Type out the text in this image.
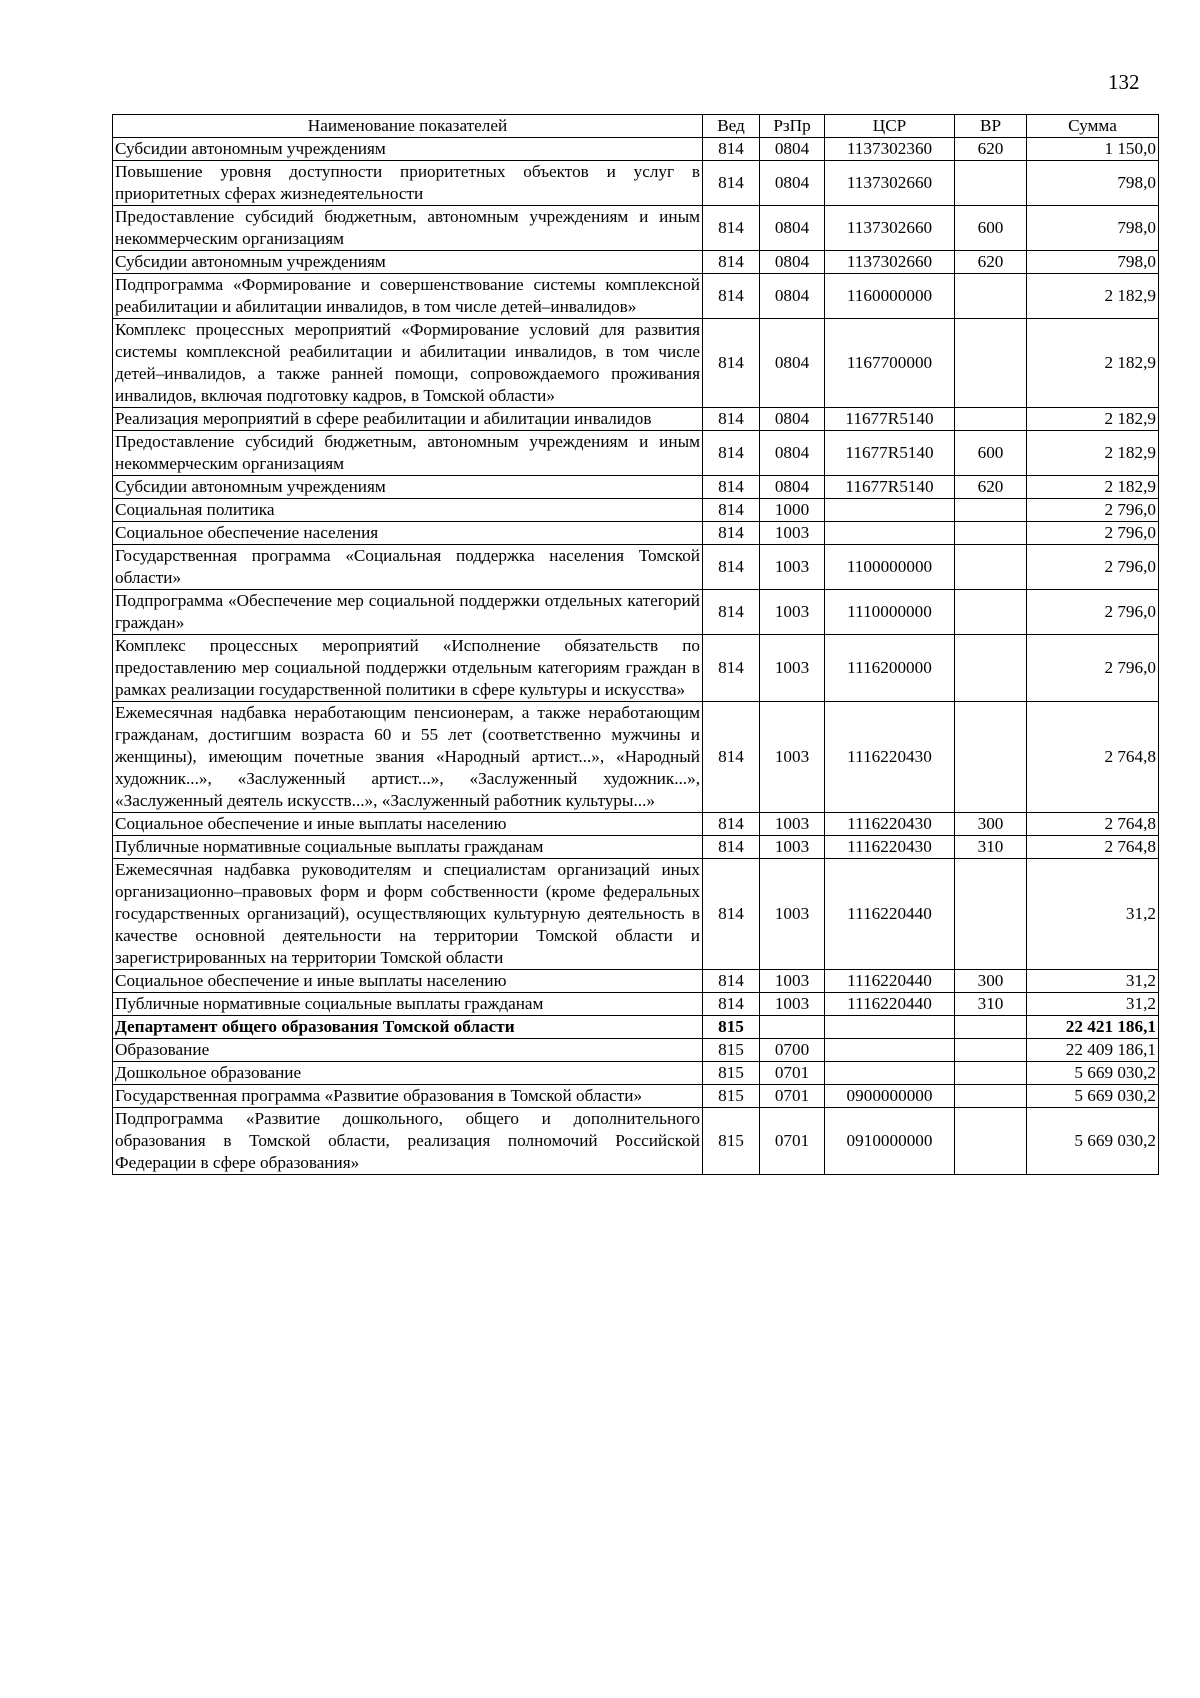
132
Наименование показателей	Вед	РзПр	ЦСР	ВР	Сумма
Субсидии автономным учреждениям	814	0804	1137302360	620	1 150,0
Повышение уровня доступности приоритетных объектов и услуг в приоритетных сферах жизнедеятельности	814	0804	1137302660		798,0
Предоставление субсидий бюджетным, автономным учреждениям и иным некоммерческим организациям	814	0804	1137302660	600	798,0
Субсидии автономным учреждениям	814	0804	1137302660	620	798,0
Подпрограмма «Формирование и совершенствование системы комплексной реабилитации и абилитации инвалидов, в том числе детей–инвалидов»	814	0804	1160000000		2 182,9
Комплекс процессных мероприятий «Формирование условий для развития системы комплексной реабилитации и абилитации инвалидов, в том числе детей–инвалидов, а также ранней помощи, сопровождаемого проживания инвалидов, включая подготовку кадров, в Томской области»	814	0804	1167700000		2 182,9
Реализация мероприятий в сфере реабилитации и абилитации инвалидов	814	0804	11677R5140		2 182,9
Предоставление субсидий бюджетным, автономным учреждениям и иным некоммерческим организациям	814	0804	11677R5140	600	2 182,9
Субсидии автономным учреждениям	814	0804	11677R5140	620	2 182,9
Социальная политика	814	1000			2 796,0
Социальное обеспечение населения	814	1003			2 796,0
Государственная программа «Социальная поддержка населения Томской области»	814	1003	1100000000		2 796,0
Подпрограмма «Обеспечение мер социальной поддержки отдельных категорий граждан»	814	1003	1110000000		2 796,0
Комплекс процессных мероприятий «Исполнение обязательств по предоставлению мер социальной поддержки отдельным категориям граждан в рамках реализации государственной политики в сфере культуры и искусства»	814	1003	1116200000		2 796,0
Ежемесячная надбавка неработающим пенсионерам, а также неработающим гражданам, достигшим возраста 60 и 55 лет (соответственно мужчины и женщины), имеющим почетные звания «Народный артист...», «Народный художник...», «Заслуженный артист...», «Заслуженный художник...», «Заслуженный деятель искусств...», «Заслуженный работник культуры...»	814	1003	1116220430		2 764,8
Социальное обеспечение и иные выплаты населению	814	1003	1116220430	300	2 764,8
Публичные нормативные социальные выплаты гражданам	814	1003	1116220430	310	2 764,8
Ежемесячная надбавка руководителям и специалистам организаций иных организационно–правовых форм и форм собственности (кроме федеральных государственных организаций), осуществляющих культурную деятельность в качестве основной деятельности на территории Томской области и зарегистрированных на территории Томской области	814	1003	1116220440		31,2
Социальное обеспечение и иные выплаты населению	814	1003	1116220440	300	31,2
Публичные нормативные социальные выплаты гражданам	814	1003	1116220440	310	31,2
Департамент общего образования Томской области	815				22 421 186,1
Образование	815	0700			22 409 186,1
Дошкольное образование	815	0701			5 669 030,2
Государственная программа «Развитие образования в Томской области»	815	0701	0900000000		5 669 030,2
Подпрограмма «Развитие дошкольного, общего и дополнительного образования в Томской области, реализация полномочий Российской Федерации в сфере образования»	815	0701	0910000000		5 669 030,2
